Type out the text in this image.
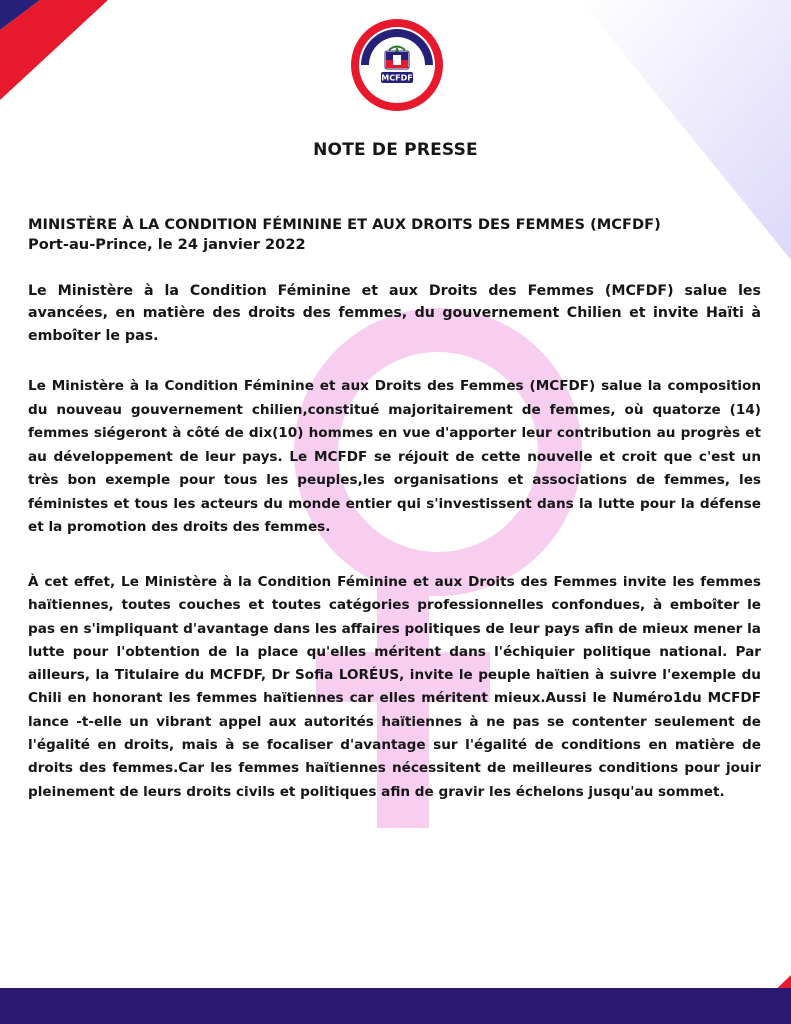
MCFDF
NOTE DE PRESSE
MINISTÈRE À LA CONDITION FÉMININE ET AUX DROITS DES FEMMES (MCFDF)
Port-au-Prince, le 24 janvier 2022

Le Ministère à la Condition Féminine et aux Droits des Femmes (MCFDF) salue les avancées, en matière des droits des femmes, du gouvernement Chilien et invite Haïti à emboîter le pas.

Le Ministère à la Condition Féminine et aux Droits des Femmes (MCFDF) salue la composition du nouveau gouvernement chilien,constitué majoritairement de femmes, où quatorze (14) femmes siégeront à côté de dix(10) hommes en vue d'apporter leur contribution au progrès et au développement de leur pays. Le MCFDF se réjouit de cette nouvelle et croit que c'est un très bon exemple pour tous les peuples,les organisations et associations de femmes, les féministes et tous les acteurs du monde entier qui s'investissent dans la lutte pour la défense et la promotion des droits des femmes.

À cet effet, Le Ministère à la Condition Féminine et aux Droits des Femmes invite les femmes haïtiennes, toutes couches et toutes catégories professionnelles confondues, à emboîter le pas en s'impliquant d'avantage dans les affaires politiques de leur pays afin de mieux mener la lutte pour l'obtention de la place qu'elles méritent dans l'échiquier politique national. Par ailleurs, la Titulaire du MCFDF, Dr Sofia LORÉUS, invite le peuple haïtien à suivre l'exemple du Chili en honorant les femmes haïtiennes car elles méritent mieux.Aussi le Numéro1du MCFDF lance -t-elle un vibrant appel aux autorités haïtiennes à ne pas se contenter seulement de l'égalité en droits, mais à se focaliser d'avantage sur l'égalité de conditions en matière de droits des femmes.Car les femmes haïtiennes nécessitent de meilleures conditions pour jouir pleinement de leurs droits civils et politiques afin de gravir les échelons jusqu'au sommet.
